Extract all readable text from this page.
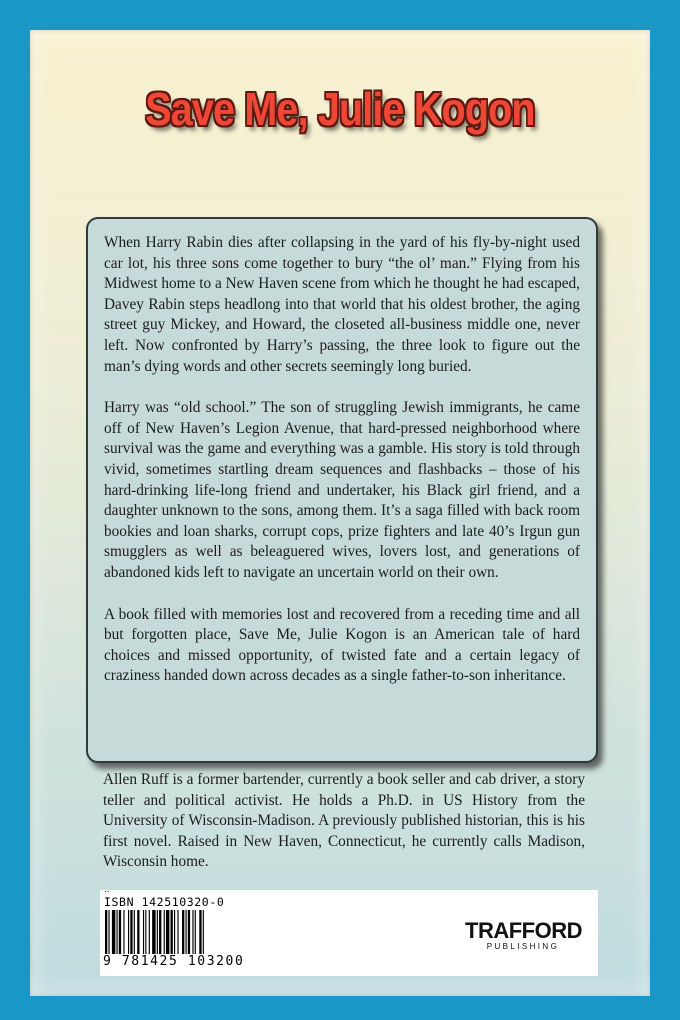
Save Me, Julie Kogon

When Harry Rabin dies after collapsing in the yard of his fly-by-night used car lot, his three sons come together to bury “the ol’ man.” Flying from his Midwest home to a New Haven scene from which he thought he had escaped, Davey Rabin steps headlong into that world that his oldest brother, the aging street guy Mickey, and Howard, the closeted all-business middle one, never left. Now confronted by Harry’s passing, the three look to figure out the man’s dying words and other secrets seemingly long buried.

Harry was “old school.” The son of struggling Jewish immigrants, he came off of New Haven’s Legion Avenue, that hard-pressed neighborhood where survival was the game and everything was a gamble. His story is told through vivid, sometimes startling dream sequences and flashbacks – those of his hard-drinking life-long friend and undertaker, his Black girl friend, and a daughter unknown to the sons, among them. It’s a saga filled with back room bookies and loan sharks, corrupt cops, prize fighters and late 40’s Irgun gun smugglers as well as beleaguered wives, lovers lost, and generations of abandoned kids left to navigate an uncertain world on their own.

A book filled with memories lost and recovered from a receding time and all but forgotten place, Save Me, Julie Kogon is an American tale of hard choices and missed opportunity, of twisted fate and a certain legacy of craziness handed down across decades as a single father-to-son inheritance.

Allen Ruff is a former bartender, currently a book seller and cab driver, a story teller and political activist. He holds a Ph.D. in US History from the University of Wisconsin-Madison. A previously published historian, this is his first novel. Raised in New Haven, Connecticut, he currently calls Madison, Wisconsin home.

..
ISBN 142510320-0
9 781425 103200
TRAFFORD
PUBLISHING
